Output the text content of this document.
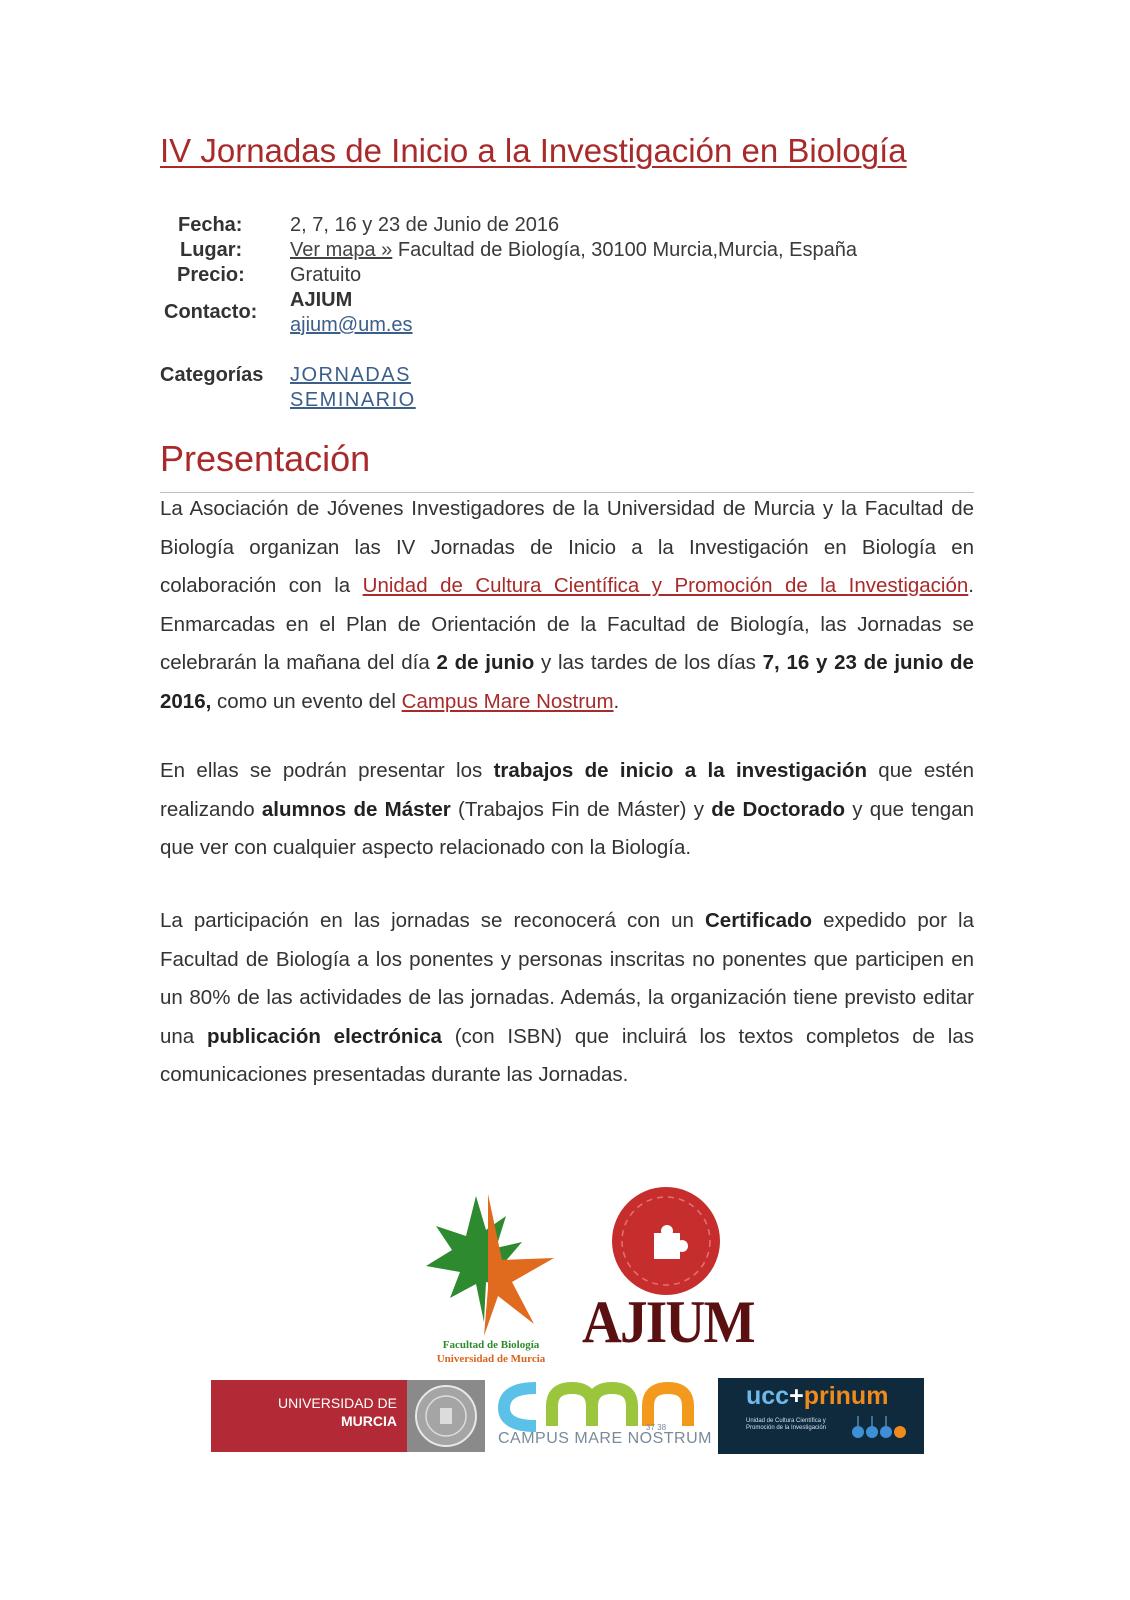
IV Jornadas de Inicio a la Investigación en Biología
Fecha: 2, 7, 16 y 23 de Junio de 2016
Lugar: Ver mapa » Facultad de Biología, 30100 Murcia,Murcia, España
Precio: Gratuito
Contacto:
AJIUM
ajium@um.es
Categorías JORNADAS
SEMINARIO
Presentación

La Asociación de Jóvenes Investigadores de la Universidad de Murcia y la Facultad de Biología organizan las IV Jornadas de Inicio a la Investigación en Biología en colaboración con la Unidad de Cultura Científica y Promoción de la Investigación. Enmarcadas en el Plan de Orientación de la Facultad de Biología, las Jornadas se celebrarán la mañana del día 2 de junio y las tardes de los días 7, 16 y 23 de junio de 2016, como un evento del Campus Mare Nostrum.

En ellas se podrán presentar los trabajos de inicio a la investigación que estén realizando alumnos de Máster (Trabajos Fin de Máster) y de Doctorado y que tengan que ver con cualquier aspecto relacionado con la Biología.

La participación en las jornadas se reconocerá con un Certificado expedido por la Facultad de Biología a los ponentes y personas inscritas no ponentes que participen en un 80% de las actividades de las jornadas. Además, la organización tiene previsto editar una publicación electrónica (con ISBN) que incluirá los textos completos de las comunicaciones presentadas durante las Jornadas.

Facultad de Biología
Universidad de Murcia
AJIUM
UNIVERSIDAD DE
MURCIA	37 38
CAMPUS MARE NOSTRUM
ucc+prinum
Unidad de Cultura Científica y Promoción de la Investigación
